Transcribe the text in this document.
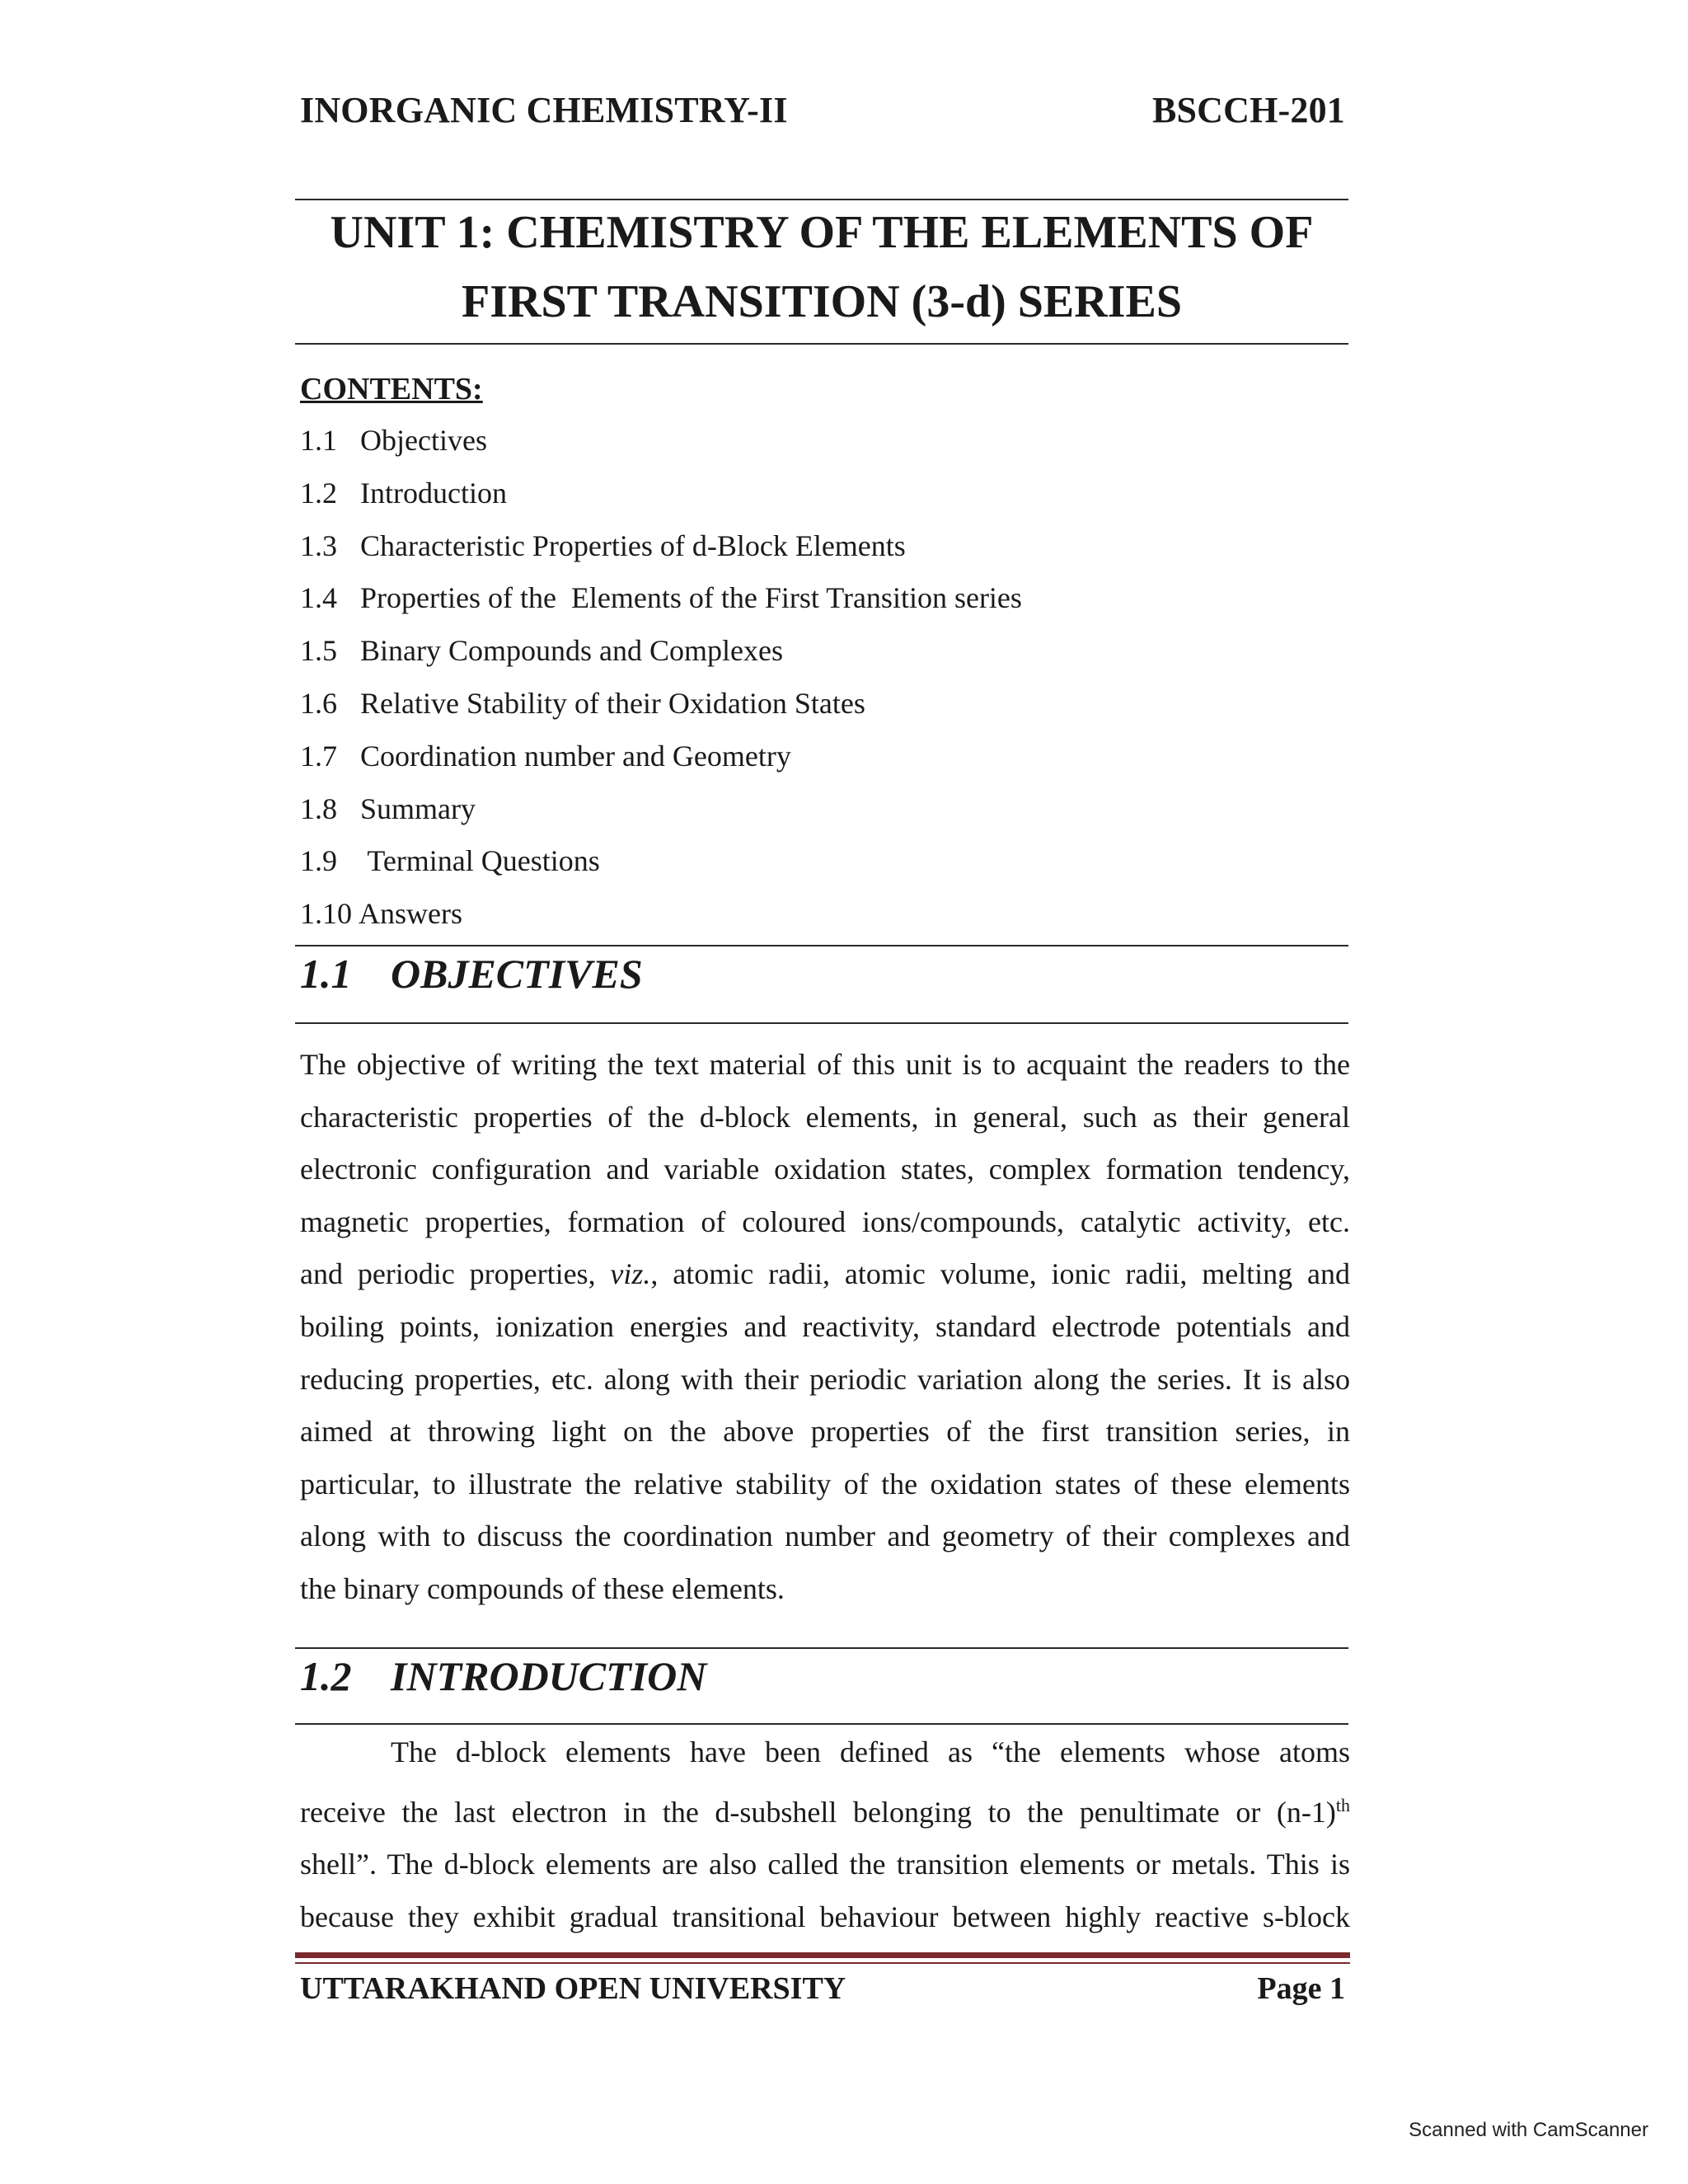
INORGANIC CHEMISTRY-II	BSCCH-201
UNIT 1: CHEMISTRY OF THE ELEMENTS OF
FIRST TRANSITION (3-d) SERIES
CONTENTS:
1.1 Objectives
1.2 Introduction
1.3 Characteristic Properties of d-Block Elements
1.4 Properties of the  Elements of the First Transition series
1.5 Binary Compounds and Complexes
1.6 Relative Stability of their Oxidation States
1.7 Coordination number and Geometry
1.8 Summary
1.9  Terminal Questions
1.10 Answers
1.1 OBJECTIVES
The objective of writing the text material of this unit is to acquaint the readers to the
characteristic properties of the d-block elements, in general, such as their general
electronic configuration and variable oxidation states, complex formation tendency,
magnetic properties, formation of coloured ions/compounds, catalytic activity, etc.
and periodic properties, viz., atomic radii, atomic volume, ionic radii, melting and
boiling points, ionization energies and reactivity, standard electrode potentials and
reducing properties, etc. along with their periodic variation along the series. It is also
aimed at throwing light on the above properties of the first transition series, in
particular, to illustrate the relative stability of the oxidation states of these elements
along with to discuss the coordination number and geometry of their complexes and
the binary compounds of these elements.
1.2 INTRODUCTION
The d-block elements have been defined as “the elements whose atoms
receive the last electron in the d-subshell belonging to the penultimate or $(n-1)^{th}$
shell”. The d-block elements are also called the transition elements or metals. This is
because they exhibit gradual transitional behaviour between highly reactive s-block
UTTARAKHAND OPEN UNIVERSITY	Page 1
Scanned with CamScanner
